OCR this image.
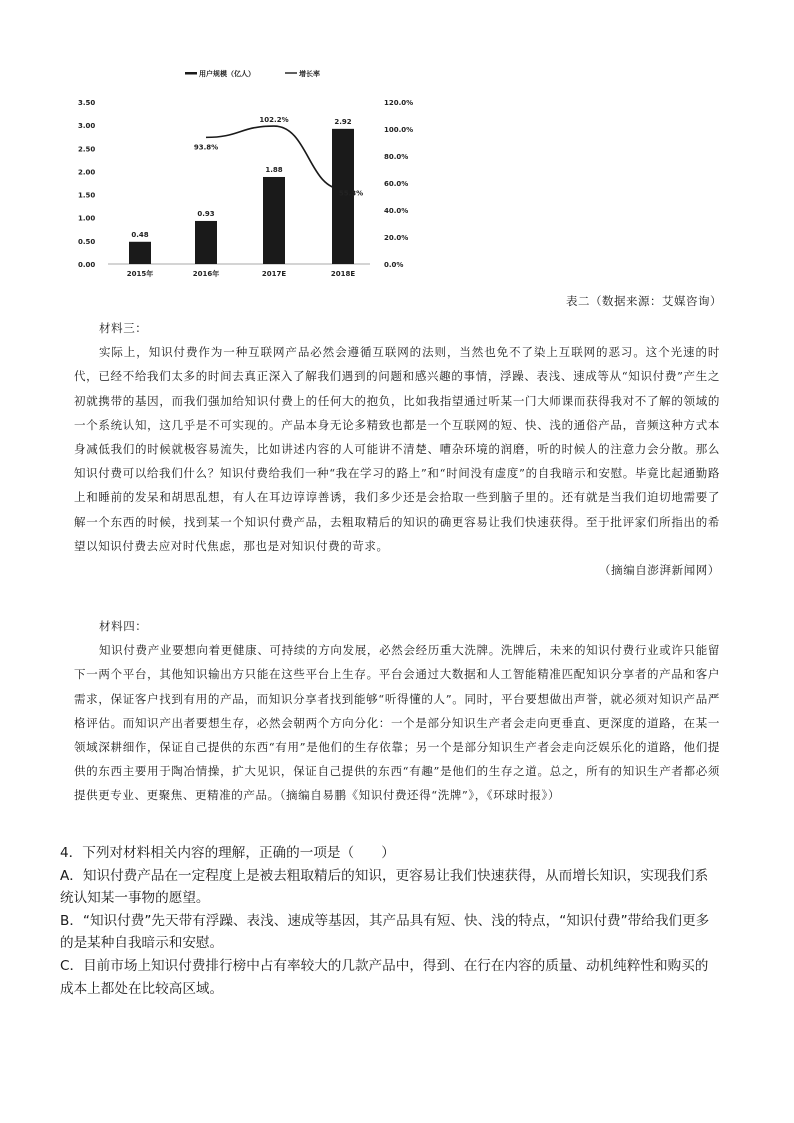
用户规模（亿人）	增长率
0.00
0.50
1.00
1.50
2.00
2.50
3.00
3.50
0.0%
20.0%
40.0%
60.0%
80.0%
100.0%
120.0%
0.48
2015年
0.93
2016年
1.88
2017E
2.92
2018E
93.8%
102.2%
55.3%
表二（数据来源：艾媒咨询）
材料三：

实际上，知识付费作为一种互联网产品必然会遵循互联网的法则，当然也免不了染上互联网的恶习。这个光速的时代，已经不给我们太多的时间去真正深入了解我们遇到的问题和感兴趣的事情，浮躁、表浅、速成等从“知识付费”产生之初就携带的基因，而我们强加给知识付费上的任何大的抱负，比如我指望通过听某一门大师课而获得我对不了解的领域的一个系统认知，这几乎是不可实现的。产品本身无论多精致也都是一个互联网的短、快、浅的通俗产品，音频这种方式本身减低我们的时候就极容易流失，比如讲述内容的人可能讲不清楚、嘈杂环境的润磨，听的时候人的注意力会分散。那么知识付费可以给我们什么？知识付费给我们一种“我在学习的路上”和“时间没有虚度”的自我暗示和安慰。毕竟比起通勤路上和睡前的发呆和胡思乱想，有人在耳边谆谆善诱，我们多少还是会拾取一些到脑子里的。还有就是当我们迫切地需要了解一个东西的时候，找到某一个知识付费产品，去粗取精后的知识的确更容易让我们快速获得。至于批评家们所指出的希望以知识付费去应对时代焦虑，那也是对知识付费的苛求。

（摘编自澎湃新闻网）

材料四：

知识付费产业要想向着更健康、可持续的方向发展，必然会经历重大洗牌。洗牌后，未来的知识付费行业或许只能留下一两个平台，其他知识输出方只能在这些平台上生存。平台会通过大数据和人工智能精准匹配知识分享者的产品和客户需求，保证客户找到有用的产品，而知识分享者找到能够“听得懂的人”。同时，平台要想做出声誉，就必须对知识产品严格评估。而知识产出者要想生存，必然会朝两个方向分化：一个是部分知识生产者会走向更垂直、更深度的道路，在某一领域深耕细作，保证自己提供的东西“有用”是他们的生存依靠；另一个是部分知识生产者会走向泛娱乐化的道路，他们提供的东西主要用于陶冶情操，扩大见识，保证自己提供的东西“有趣”是他们的生存之道。总之，所有的知识生产者都必须提供更专业、更聚焦、更精准的产品。（摘编自易鹏《知识付费还得“洗牌”》，《环球时报》）

4．下列对材料相关内容的理解，正确的一项是（　　）

A．知识付费产品在一定程度上是被去粗取精后的知识，更容易让我们快速获得，从而增长知识，实现我们系统认知某一事物的愿望。

B．“知识付费”先天带有浮躁、表浅、速成等基因，其产品具有短、快、浅的特点，“知识付费”带给我们更多的是某种自我暗示和安慰。

C．目前市场上知识付费排行榜中占有率较大的几款产品中，得到、在行在内容的质量、动机纯粹性和购买的成本上都处在比较高区域。
